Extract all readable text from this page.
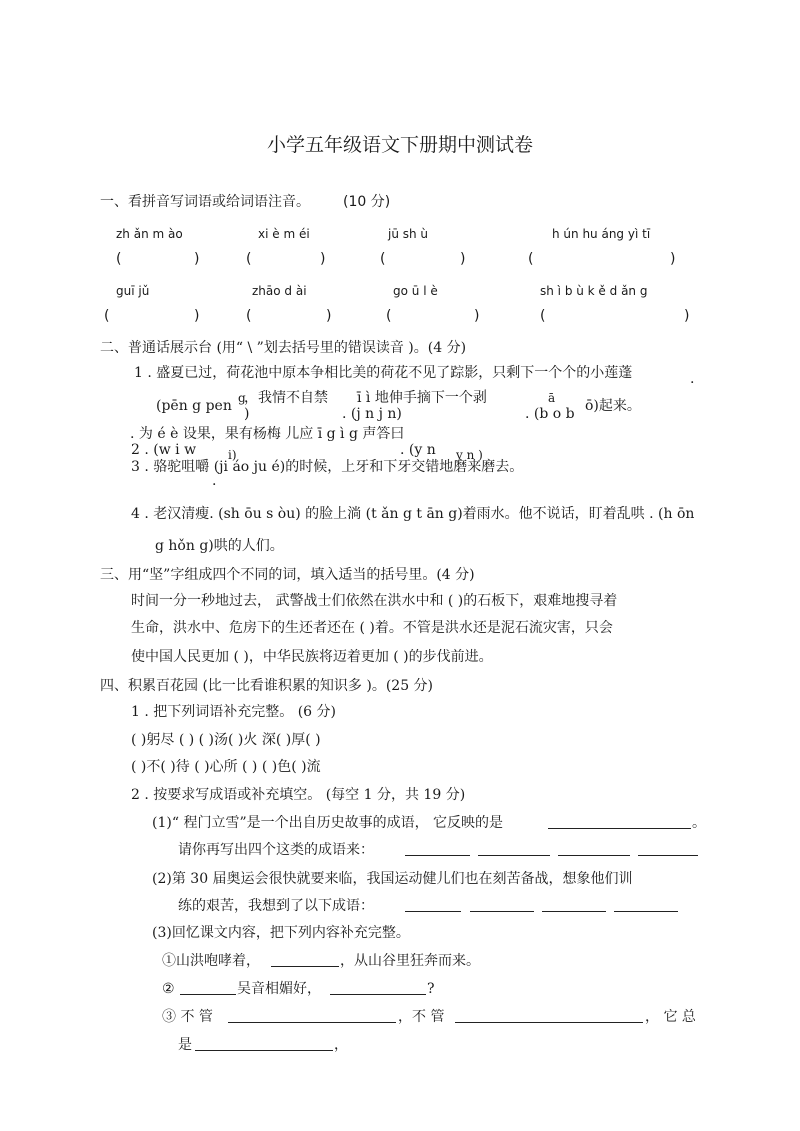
小学五年级语文下册期中测试卷
一、看拼音写词语或给词语注音。 (10 分)
zh ǎn m ào	xi è m éi	jū sh ù	h ún hu áng yì tī
(	)	(	)	(	)	(	)
guī jǔ	zhāo d ài	go ū l è	sh ì b ù k ě d ǎn g
(	)	(	)	(	)	(	)
二、普通话展示台 (用“ \ ”划去括号里的错误读音 )。(4 分)
1 . 盛夏已过，荷花池中原本争相比美的荷花不见了踪影，只剩下一个个的小莲蓬	.
(pēn g pen g
，我情不自禁 ī ì 地伸手摘下一个剥	ā
)	. (j n j n)	. (b o b ō)起来。
. 为 é è 设果，果有杨梅 儿应 ī g ì g 声答曰
2 . (w i w	i)	. (y n y n )
3 . 骆驼咀嚼 (ji áo ju é)的时候，上牙和下牙交错地磨来磨去。
.
4 . 老汉清瘦. (sh ōu s òu) 的脸上淌 (t ǎn g t ān g)着雨水。他不说话，盯着乱哄 . (h ōn
g hǒn g)哄的人们。
三、用“坚”字组成四个不同的词，填入适当的括号里。(4 分)
时间一分一秒地过去， 武警战士们依然在洪水中和 ( )的石板下，艰难地搜寻着
生命，洪水中、危房下的生还者还在 ( )着。不管是洪水还是泥石流灾害，只会
使中国人民更加 ( )，中华民族将迈着更加 ( )的步伐前进。
四、积累百花园 (比一比看谁积累的知识多 )。(25 分)
1 . 把下列词语补充完整。 (6 分)
( )躬尽 ( ) ( )汤( )火 深( )厚( )
( )不( )待 ( )心所 ( ) ( )色( )流
2 . 按要求写成语或补充填空。 (每空 1 分，共 19 分)
(1)“ 程门立雪”是一个出自历史故事的成语， 它反映的是	。
请你再写出四个这类的成语来：
(2)第 30 届奥运会很快就要来临，我国运动健儿们也在刻苦备战，想象他们训
练的艰苦，我想到了以下成语：
(3)回忆课文内容，把下列内容补充完整。
①山洪咆哮着，	，从山谷里狂奔而来。
②	吴音相媚好，	?
③ 不 管	，不 管	， 它 总
是	，
